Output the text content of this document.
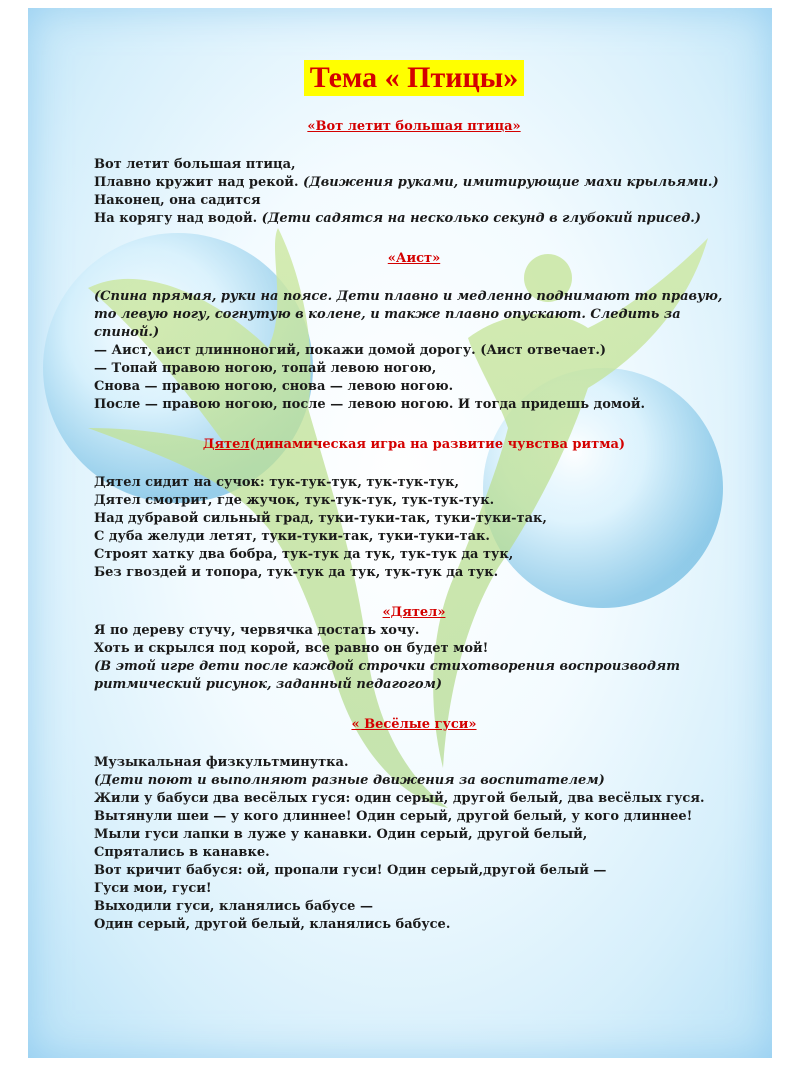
Тема « Птицы»

«Вот летит большая птица»

Вот летит большая птица,

Плавно кружит над рекой. (Движения руками, имитирующие махи крыльями.)

Наконец, она садится

На корягу над водой. (Дети садятся на несколько секунд в глубокий присед.)

«Аист»

(Спина прямая, руки на поясе. Дети плавно и медленно поднимают то правую,

то левую ногу, согнутую в колене, и также плавно опускают. Следить за

спиной.)

— Аист, аист длинноногий, покажи домой дорогу. (Аист отвечает.)

— Топай правою ногою, топай левою ногою,

Снова — правою ногою, снова — левою ногою.

После — правою ногою, после — левою ногою. И тогда придешь домой.

Дятел(динамическая игра на развитие чувства ритма)

Дятел сидит на сучок: тук-тук-тук, тук-тук-тук,

Дятел смотрит, где жучок, тук-тук-тук, тук-тук-тук.

Над дубравой сильный град, туки-туки-так, туки-туки-так,

С дуба желуди летят, туки-туки-так, туки-туки-так.

Строят хатку два бобра, тук-тук да тук, тук-тук да тук,

Без гвоздей и топора, тук-тук да тук, тук-тук да тук.

«Дятел»

Я по дереву стучу, червячка достать хочу.

Хоть и скрылся под корой, все равно он будет мой!

(В этой игре дети после каждой строчки стихотворения воспроизводят

ритмический рисунок, заданный педагогом)

« Весёлые гуси»

Музыкальная физкультминутка.

(Дети поют и выполняют разные движения за воспитателем)

Жили у бабуси два весёлых гуся: один серый, другой белый, два весёлых гуся.

Вытянули шеи — у кого длиннее! Один серый, другой белый, у кого длиннее!

Мыли гуси лапки в луже у канавки. Один серый, другой белый,

Спрятались в канавке.

Вот кричит бабуся: ой, пропали гуси! Один серый,другой белый —

Гуси мои, гуси!

Выходили гуси, кланялись бабусе —

Один серый, другой белый, кланялись бабусе.
